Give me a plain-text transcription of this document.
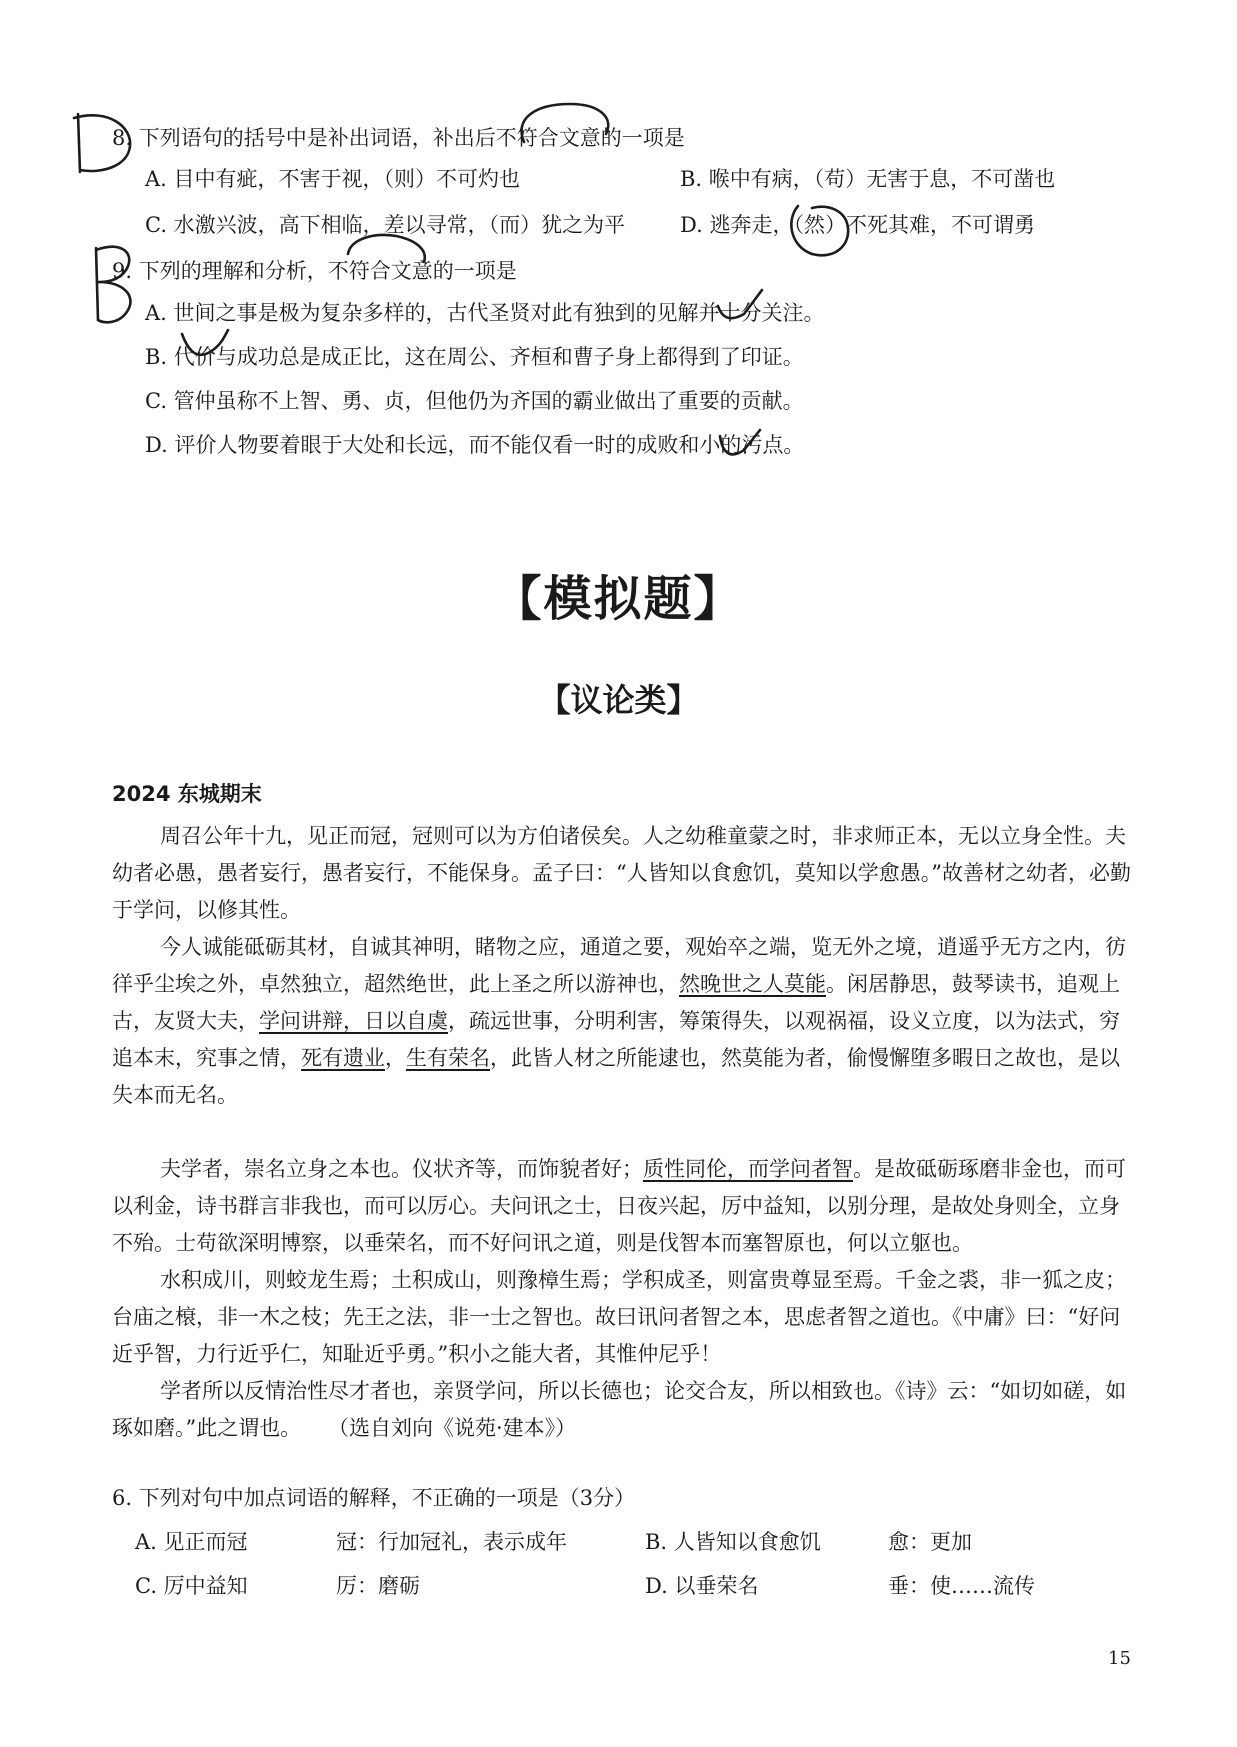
8. 下列语句的括号中是补出词语，补出后不符合文意的一项是
A. 目中有疵，不害于视，（则）不可灼也	B. 喉中有病，（苟）无害于息，不可凿也
C. 水激兴波，高下相临，差以寻常，（而）犹之为平	D. 逃奔走，（然）不死其难，不可谓勇
9. 下列的理解和分析，不符合文意的一项是
A. 世间之事是极为复杂多样的，古代圣贤对此有独到的见解并十分关注。
B. 代价与成功总是成正比，这在周公、齐桓和曹子身上都得到了印证。
C. 管仲虽称不上智、勇、贞，但他仍为齐国的霸业做出了重要的贡献。
D. 评价人物要着眼于大处和长远，而不能仅看一时的成败和小的污点。
【模拟题】
【议论类】
2024 东城期末
周召公年十九，见正而冠，冠则可以为方伯诸侯矣。人之幼稚童蒙之时，非求师正本，无以立身全性。夫幼者必愚，愚者妄行，愚者妄行，不能保身。孟子曰：“人皆知以食愈饥，莫知以学愈愚。”故善材之幼者，必勤于学问，以修其性。
今人诚能砥砺其材，自诚其神明，睹物之应，通道之要，观始卒之端，览无外之境，逍遥乎无方之内，彷徉乎尘埃之外，卓然独立，超然绝世，此上圣之所以游神也，然晚世之人莫能。闲居静思，鼓琴读书，追观上古，友贤大夫，学问讲辩，日以自虞，疏远世事，分明利害，筹策得失，以观祸福，设义立度，以为法式，穷追本末，究事之情，死有遗业，生有荣名，此皆人材之所能逮也，然莫能为者，偷慢懈堕多暇日之故也，是以失本而无名。
夫学者，崇名立身之本也。仪状齐等，而饰貌者好；质性同伦，而学问者智。是故砥砺琢磨非金也，而可以利金，诗书群言非我也，而可以厉心。夫问讯之士，日夜兴起，厉中益知，以别分理，是故处身则全，立身不殆。士苟欲深明博察，以垂荣名，而不好问讯之道，则是伐智本而塞智原也，何以立躯也。
水积成川，则蛟龙生焉；土积成山，则豫樟生焉；学积成圣，则富贵尊显至焉。千金之裘，非一狐之皮；台庙之榱，非一木之枝；先王之法，非一士之智也。故曰讯问者智之本，思虑者智之道也。《中庸》曰：“好问近乎智，力行近乎仁，知耻近乎勇。”积小之能大者，其惟仲尼乎！
学者所以反情治性尽才者也，亲贤学问，所以长德也；论交合友，所以相致也。《诗》云：“如切如磋，如琢如磨。”此之谓也。 （选自刘向《说苑·建本》）
6. 下列对句中加点词语的解释，不正确的一项是（3分）
A. 见正而冠	冠：行加冠礼，表示成年	B. 人皆知以食愈饥	愈：更加
C. 厉中益知	厉：磨砺	D. 以垂荣名	垂：使……流传
15
